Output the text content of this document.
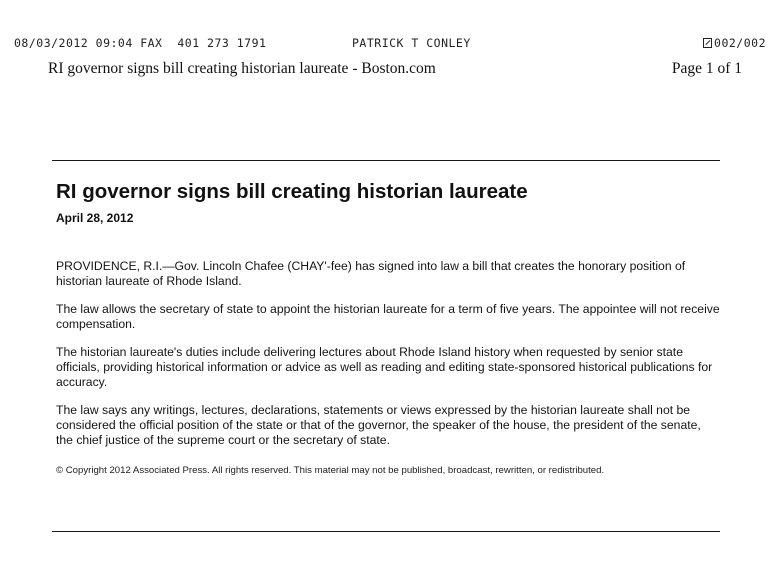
08/03/2012 09:04 FAX 401 273 1791	PATRICK T CONLEY	002/002
RI governor signs bill creating historian laureate - Boston.com	Page 1 of 1
RI governor signs bill creating historian laureate
April 28, 2012

PROVIDENCE, R.I.—Gov. Lincoln Chafee (CHAY'-fee) has signed into law a bill that creates the honorary position of historian laureate of Rhode Island.

The law allows the secretary of state to appoint the historian laureate for a term of five years. The appointee will not receive compensation.

The historian laureate's duties include delivering lectures about Rhode Island history when requested by senior state officials, providing historical information or advice as well as reading and editing state-sponsored historical publications for accuracy.

The law says any writings, lectures, declarations, statements or views expressed by the historian laureate shall not be considered the official position of the state or that of the governor, the speaker of the house, the president of the senate, the chief justice of the supreme court or the secretary of state.

© Copyright 2012 Associated Press. All rights reserved. This material may not be published, broadcast, rewritten, or redistributed.
